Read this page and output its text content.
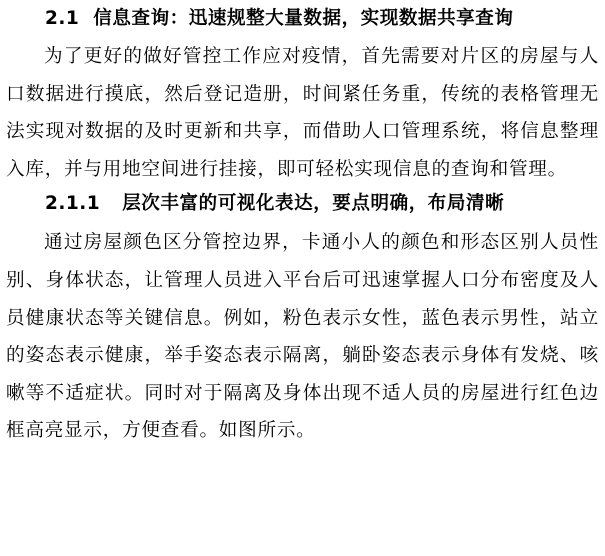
2.1 信息查询：迅速规整大量数据，实现数据共享查询

为了更好的做好管控工作应对疫情，首先需要对片区的房屋与人口数据进行摸底，然后登记造册，时间紧任务重，传统的表格管理无法实现对数据的及时更新和共享，而借助人口管理系统，将信息整理入库，并与用地空间进行挂接，即可轻松实现信息的查询和管理。

2.1.1 层次丰富的可视化表达，要点明确，布局清晰

通过房屋颜色区分管控边界，卡通小人的颜色和形态区别人员性别、身体状态，让管理人员进入平台后可迅速掌握人口分布密度及人员健康状态等关键信息。例如，粉色表示女性，蓝色表示男性，站立的姿态表示健康，举手姿态表示隔离，躺卧姿态表示身体有发烧、咳嗽等不适症状。同时对于隔离及身体出现不适人员的房屋进行红色边框高亮显示，方便查看。如图所示。
